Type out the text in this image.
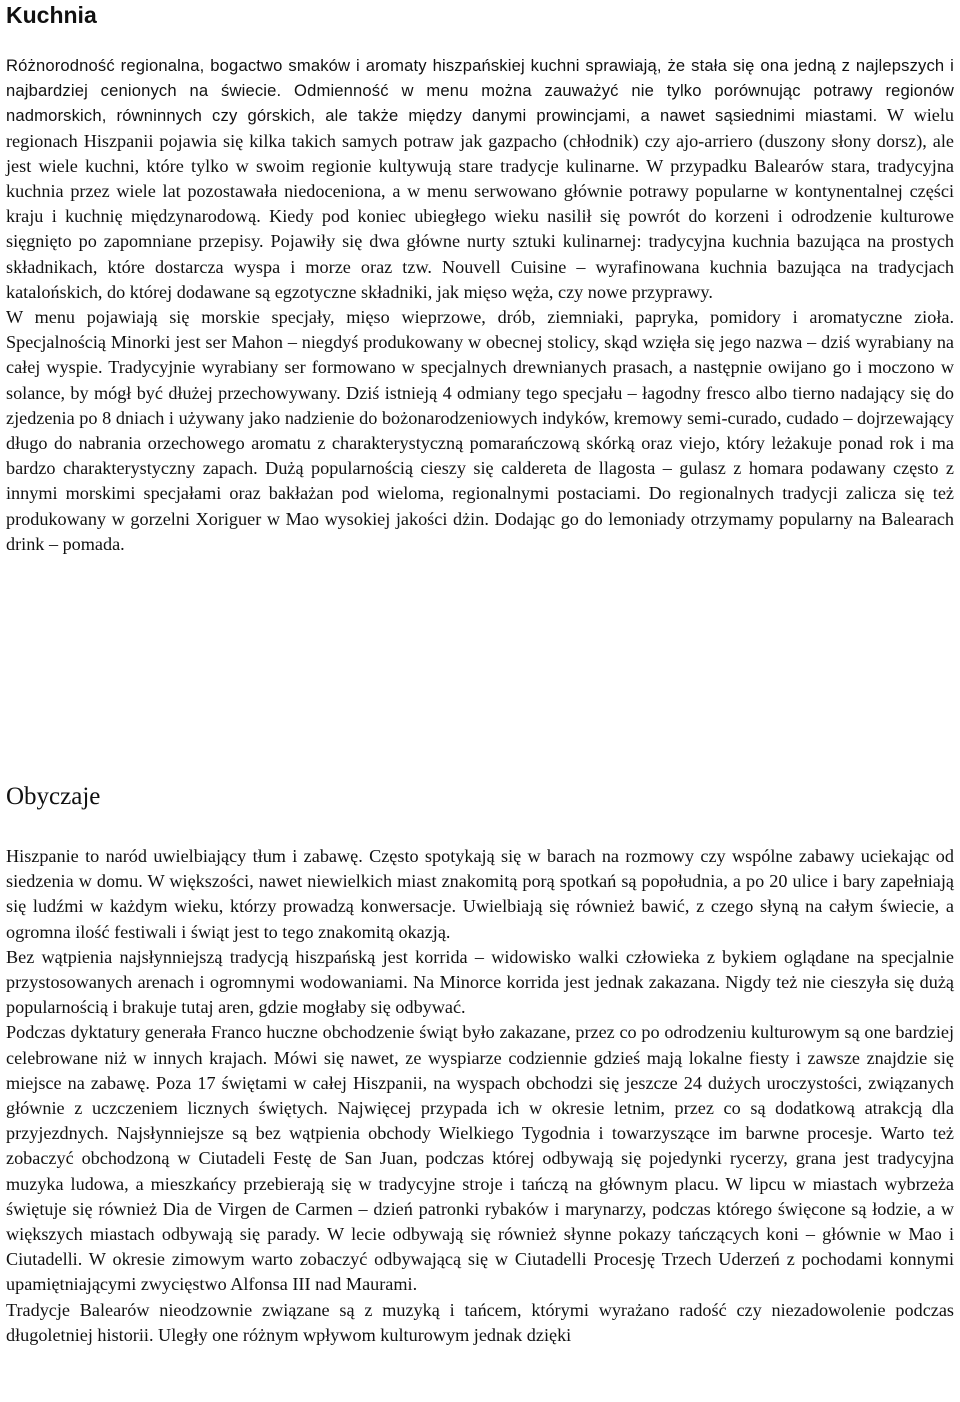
Kuchnia

Różnorodność regionalna, bogactwo smaków i aromaty hiszpańskiej kuchni sprawiają, że stała się ona jedną z najlepszych i najbardziej cenionych na świecie. Odmienność w menu można zauważyć nie tylko porównując potrawy regionów nadmorskich, równinnych czy górskich, ale także między danymi prowincjami, a nawet sąsiednimi miastami. W wielu regionach Hiszpanii pojawia się kilka takich samych potraw jak gazpacho (chłodnik) czy ajo-arriero (duszony słony dorsz), ale jest wiele kuchni, które tylko w swoim regionie kultywują stare tradycje kulinarne. W przypadku Balearów stara, tradycyjna kuchnia przez wiele lat pozostawała niedoceniona, a w menu serwowano głównie potrawy popularne w kontynentalnej części kraju i kuchnię międzynarodową. Kiedy pod koniec ubiegłego wieku nasilił się powrót do korzeni i odrodzenie kulturowe sięgnięto po zapomniane przepisy. Pojawiły się dwa główne nurty sztuki kulinarnej: tradycyjna kuchnia bazująca na prostych składnikach, które dostarcza wyspa i morze oraz tzw. Nouvell Cuisine – wyrafinowana kuchnia bazująca na tradycjach katalońskich, do której dodawane są egzotyczne składniki, jak mięso węża, czy nowe przyprawy.

W menu pojawiają się morskie specjały, mięso wieprzowe, drób, ziemniaki, papryka, pomidory i aromatyczne zioła. Specjalnością Minorki jest ser Mahon – niegdyś produkowany w obecnej stolicy, skąd wzięła się jego nazwa – dziś wyrabiany na całej wyspie. Tradycyjnie wyrabiany ser formowano w specjalnych drewnianych prasach, a następnie owijano go i moczono w solance, by mógł być dłużej przechowywany. Dziś istnieją 4 odmiany tego specjału – łagodny fresco albo tierno nadający się do zjedzenia po 8 dniach i używany jako nadzienie do bożonarodzeniowych indyków, kremowy semi-curado, cudado – dojrzewający długo do nabrania orzechowego aromatu z charakterystyczną pomarańczową skórką oraz viejo, który leżakuje ponad rok i ma bardzo charakterystyczny zapach. Dużą popularnością cieszy się caldereta de llagosta – gulasz z homara podawany często z innymi morskimi specjałami oraz bakłażan pod wieloma, regionalnymi postaciami. Do regionalnych tradycji zalicza się też produkowany w gorzelni Xoriguer w Mao wysokiej jakości dżin. Dodając go do lemoniady otrzymamy popularny na Balearach drink – pomada.

Obyczaje

Hiszpanie to naród uwielbiający tłum i zabawę. Często spotykają się w barach na rozmowy czy wspólne zabawy uciekając od siedzenia w domu. W większości, nawet niewielkich miast znakomitą porą spotkań są popołudnia, a po 20 ulice i bary zapełniają się ludźmi w każdym wieku, którzy prowadzą konwersacje. Uwielbiają się również bawić, z czego słyną na całym świecie, a ogromna ilość festiwali i świąt jest to tego znakomitą okazją.

Bez wątpienia najsłynniejszą tradycją hiszpańską jest korrida – widowisko walki człowieka z bykiem oglądane na specjalnie przystosowanych arenach i ogromnymi wodowaniami. Na Minorce korrida jest jednak zakazana. Nigdy też nie cieszyła się dużą popularnością i brakuje tutaj aren, gdzie mogłaby się odbywać.

Podczas dyktatury generała Franco huczne obchodzenie świąt było zakazane, przez co po odrodzeniu kulturowym są one bardziej celebrowane niż w innych krajach. Mówi się nawet, ze wyspiarze codziennie gdzieś mają lokalne fiesty i zawsze znajdzie się miejsce na zabawę. Poza 17 świętami w całej Hiszpanii, na wyspach obchodzi się jeszcze 24 dużych uroczystości, związanych głównie z uczczeniem licznych świętych. Najwięcej przypada ich w okresie letnim, przez co są dodatkową atrakcją dla przyjezdnych. Najsłynniejsze są bez wątpienia obchody Wielkiego Tygodnia i towarzyszące im barwne procesje. Warto też zobaczyć obchodzoną w Ciutadeli Festę de San Juan, podczas której odbywają się pojedynki rycerzy, grana jest tradycyjna muzyka ludowa, a mieszkańcy przebierają się w tradycyjne stroje i tańczą na głównym placu. W lipcu w miastach wybrzeża świętuje się również Dia de Virgen de Carmen – dzień patronki rybaków i marynarzy, podczas którego święcone są łodzie, a w większych miastach odbywają się parady. W lecie odbywają się również słynne pokazy tańczących koni – głównie w Mao i Ciutadelli. W okresie zimowym warto zobaczyć odbywającą się w Ciutadelli Procesję Trzech Uderzeń z pochodami konnymi upamiętniającymi zwycięstwo Alfonsa III nad Maurami.

Tradycje Balearów nieodzownie związane są z muzyką i tańcem, którymi wyrażano radość czy niezadowolenie podczas długoletniej historii. Uległy one różnym wpływom kulturowym jednak dzięki
